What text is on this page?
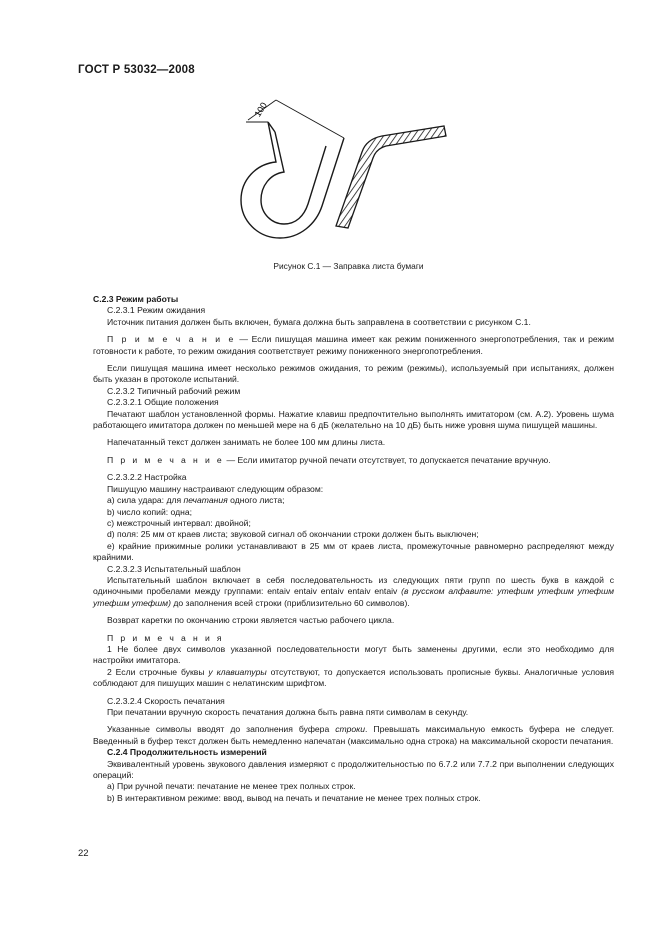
ГОСТ Р 53032—2008
100
Рисунок С.1 — Заправка листа бумаги

С.2.3 Режим работы

С.2.3.1 Режим ожидания

Источник питания должен быть включен, бумага должна быть заправлена в соответствии с рисунком С.1.

П р и м е ч а н и е — Если пишущая машина имеет как режим пониженного энергопотребления, так и режим готовности к работе, то режим ожидания соответствует режиму пониженного энергопотребления.

Если пишущая машина имеет несколько режимов ожидания, то режим (режимы), используемый при испытаниях, должен быть указан в протоколе испытаний.

С.2.3.2 Типичный рабочий режим

С.2.3.2.1 Общие положения

Печатают шаблон установленной формы. Нажатие клавиш предпочтительно выполнять имитатором (см. А.2). Уровень шума работающего имитатора должен по меньшей мере на 6 дБ (желательно на 10 дБ) быть ниже уровня шума пишущей машины.

Напечатанный текст должен занимать не более 100 мм длины листа.

П р и м е ч а н и е — Если имитатор ручной печати отсутствует, то допускается печатание вручную.

С.2.3.2.2 Настройка

Пишущую машину настраивают следующим образом:

a) сила удара: для печатания одного листа;

b) число копий: одна;

c) межстрочный интервал: двойной;

d) поля: 25 мм от краев листа; звуковой сигнал об окончании строки должен быть выключен;

e) крайние прижимные ролики устанавливают в 25 мм от краев листа, промежуточные равномерно распределяют между крайними.

С.2.3.2.3 Испытательный шаблон

Испытательный шаблон включает в себя последовательность из следующих пяти групп по шесть букв в каждой с одиночными пробелами между группами: entaiv entaiv entaiv entaiv entaiv (в русском алфавите: утефшм утефшм утефшм утефшм утефшм) до заполнения всей строки (приблизительно 60 символов).

Возврат каретки по окончанию строки является частью рабочего цикла.

П р и м е ч а н и я

1 Не более двух символов указанной последовательности могут быть заменены другими, если это необходимо для настройки имитатора.

2 Если строчные буквы у клавиатуры отсутствуют, то допускается использовать прописные буквы. Аналогичные условия соблюдают для пишущих машин с нелатинским шрифтом.

С.2.3.2.4 Скорость печатания

При печатании вручную скорость печатания должна быть равна пяти символам в секунду.

Указанные символы вводят до заполнения буфера строки. Превышать максимальную емкость буфера не следует. Введенный в буфер текст должен быть немедленно напечатан (максимально одна строка) на максимальной скорости печатания.

С.2.4 Продолжительность измерений

Эквивалентный уровень звукового давления измеряют с продолжительностью по 6.7.2 или 7.7.2 при выполнении следующих операций:

a) При ручной печати: печатание не менее трех полных строк.

b) В интерактивном режиме: ввод, вывод на печать и печатание не менее трех полных строк.

22
